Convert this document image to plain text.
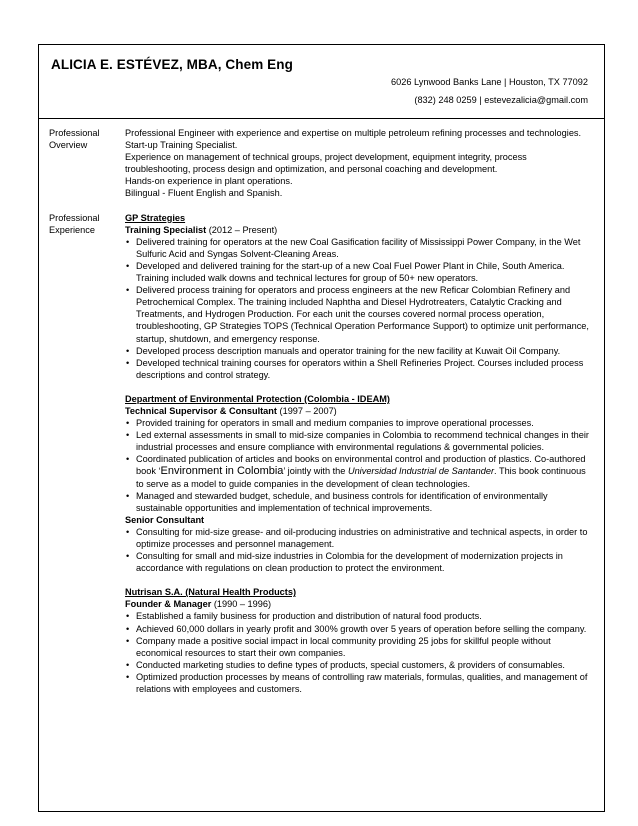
ALICIA E. ESTÉVEZ, MBA, Chem Eng
6026 Lynwood Banks Lane | Houston, TX 77092
(832) 248 0259 | estevezalicia@gmail.com
Professional
Overview

Professional Engineer with experience and expertise on multiple petroleum refining processes and technologies. Start-up Training Specialist.

Experience on management of technical groups, project development, equipment integrity, process troubleshooting, process design and optimization, and personal coaching and development.

Hands-on experience in plant operations.

Bilingual - Fluent English and Spanish.

Professional
Experience

GP Strategies

Training Specialist (2012 – Present)

• Delivered training for operators at the new Coal Gasification facility of Mississippi Power Company, in the Wet Sulfuric Acid and Syngas Solvent-Cleaning Areas.
• Developed and delivered training for the start-up of a new Coal Fuel Power Plant in Chile, South America. Training included walk downs and technical lectures for group of 50+ new operators.
• Delivered process training for operators and process engineers at the new Reficar Colombian Refinery and Petrochemical Complex. The training included Naphtha and Diesel Hydrotreaters, Catalytic Cracking and Treatments, and Hydrogen Production. For each unit the courses covered normal process operation, troubleshooting, GP Strategies TOPS (Technical Operation Performance Support) to optimize unit performance, startup, shutdown, and emergency response.
• Developed process description manuals and operator training for the new facility at Kuwait Oil Company.
• Developed technical training courses for operators within a Shell Refineries Project. Courses included process descriptions and control strategy.

Department of Environmental Protection (Colombia - IDEAM)

Technical Supervisor & Consultant (1997 – 2007)

• Provided training for operators in small and medium companies to improve operational processes.
• Led external assessments in small to mid-size companies in Colombia to recommend technical changes in their industrial processes and ensure compliance with environmental regulations & governmental policies.
• Coordinated publication of articles and books on environmental control and production of plastics. Co-authored book ‘Environment in Colombia’ jointly with the Universidad Industrial de Santander. This book continuous to serve as a model to guide companies in the development of clean technologies.
• Managed and stewarded budget, schedule, and business controls for identification of environmentally sustainable opportunities and implementation of technical improvements.

Senior Consultant

• Consulting for mid-size grease- and oil-producing industries on administrative and technical aspects, in order to optimize processes and personnel management.
• Consulting for small and mid-size industries in Colombia for the development of modernization projects in accordance with regulations on clean production to protect the environment.

Nutrisan S.A. (Natural Health Products)

Founder & Manager (1990 – 1996)

• Established a family business for production and distribution of natural food products.
• Achieved 60,000 dollars in yearly profit and 300% growth over 5 years of operation before selling the company.
• Company made a positive social impact in local community providing 25 jobs for skillful people without economical resources to start their own companies.
• Conducted marketing studies to define types of products, special customers, & providers of consumables.
• Optimized production processes by means of controlling raw materials, formulas, qualities, and management of relations with employees and customers.
